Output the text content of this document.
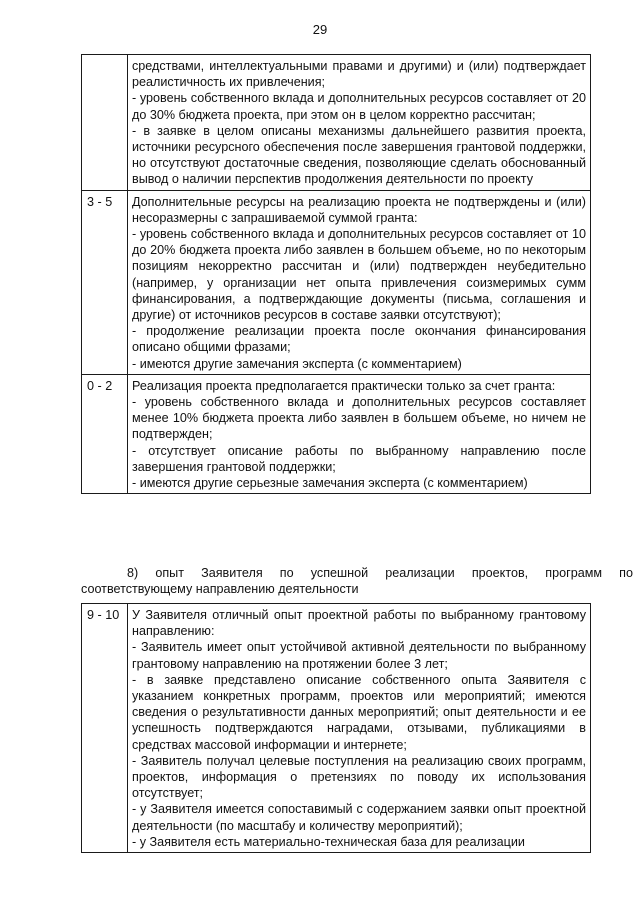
29

	средствами, интеллектуальными правами и другими) и (или) подтверждает реалистичность их привлечения;

- уровень собственного вклада и дополнительных ресурсов составляет от 20 до 30% бюджета проекта, при этом он в целом корректно рассчитан;

- в заявке в целом описаны механизмы дальнейшего развития проекта, источники ресурсного обеспечения после завершения грантовой поддержки, но отсутствуют достаточные сведения, позволяющие сделать обоснованный вывод о наличии перспектив продолжения деятельности по проекту

3 - 5	Дополнительные ресурсы на реализацию проекта не подтверждены и (или) несоразмерны с запрашиваемой суммой гранта:

- уровень собственного вклада и дополнительных ресурсов составляет от 10 до 20% бюджета проекта либо заявлен в большем объеме, но по некоторым позициям некорректно рассчитан и (или) подтвержден неубедительно (например, у организации нет опыта привлечения соизмеримых сумм финансирования, а подтверждающие документы (письма, соглашения и другие) от источников ресурсов в составе заявки отсутствуют);

- продолжение реализации проекта после окончания финансирования описано общими фразами;

- имеются другие замечания эксперта (с комментарием)

0 - 2	Реализация проекта предполагается практически только за счет гранта:

- уровень собственного вклада и дополнительных ресурсов составляет менее 10% бюджета проекта либо заявлен в большем объеме, но ничем не подтвержден;

- отсутствует описание работы по выбранному направлению после завершения грантовой поддержки;

- имеются другие серьезные замечания эксперта (с комментарием)

8) опыт Заявителя по успешной реализации проектов, программ по соответствующему направлению деятельности

9 - 10	У Заявителя отличный опыт проектной работы по выбранному грантовому направлению:

- Заявитель имеет опыт устойчивой активной деятельности по выбранному грантовому направлению на протяжении более 3 лет;

- в заявке представлено описание собственного опыта Заявителя с указанием конкретных программ, проектов или мероприятий; имеются сведения о результативности данных мероприятий; опыт деятельности и ее успешность подтверждаются наградами, отзывами, публикациями в средствах массовой информации и интернете;

- Заявитель получал целевые поступления на реализацию своих программ, проектов, информация о претензиях по поводу их использования отсутствует;

- у Заявителя имеется сопоставимый с содержанием заявки опыт проектной деятельности (по масштабу и количеству мероприятий);

- у Заявителя есть материально-техническая база для реализации
